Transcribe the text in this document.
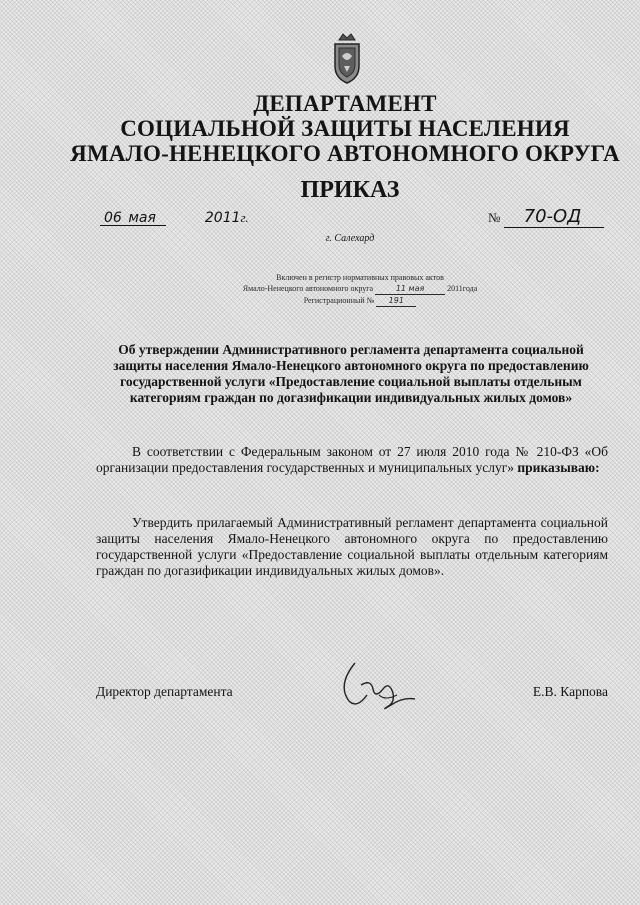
ДЕПАРТАМЕНТ
СОЦИАЛЬНОЙ ЗАЩИТЫ НАСЕЛЕНИЯ
ЯМАЛО-НЕНЕЦКОГО АВТОНОМНОГО ОКРУГА
ПРИКАЗ
06 мая	2011г.	№ 70-ОД
г. Салехард
Включен в регистр нормативных правовых актов
Ямало-Ненецкого автономного округа	11 мая	2011года
Регистрационный № 191
Об утверждении Административного регламента департамента социальной защиты населения Ямало-Ненецкого автономного округа по предоставлению государственной услуги «Предоставление социальной выплаты отдельным категориям граждан по догазификации индивидуальных жилых домов»
В соответствии с Федеральным законом от 27 июля 2010 года № 210-ФЗ «Об организации предоставления государственных и муниципальных услуг» приказываю:
Утвердить прилагаемый Административный регламент департамента социальной защиты населения Ямало-Ненецкого автономного округа по предоставлению государственной услуги «Предоставление социальной выплаты отдельным категориям граждан по догазификации индивидуальных жилых домов».
Директор департамента	Е.В. Карпова
